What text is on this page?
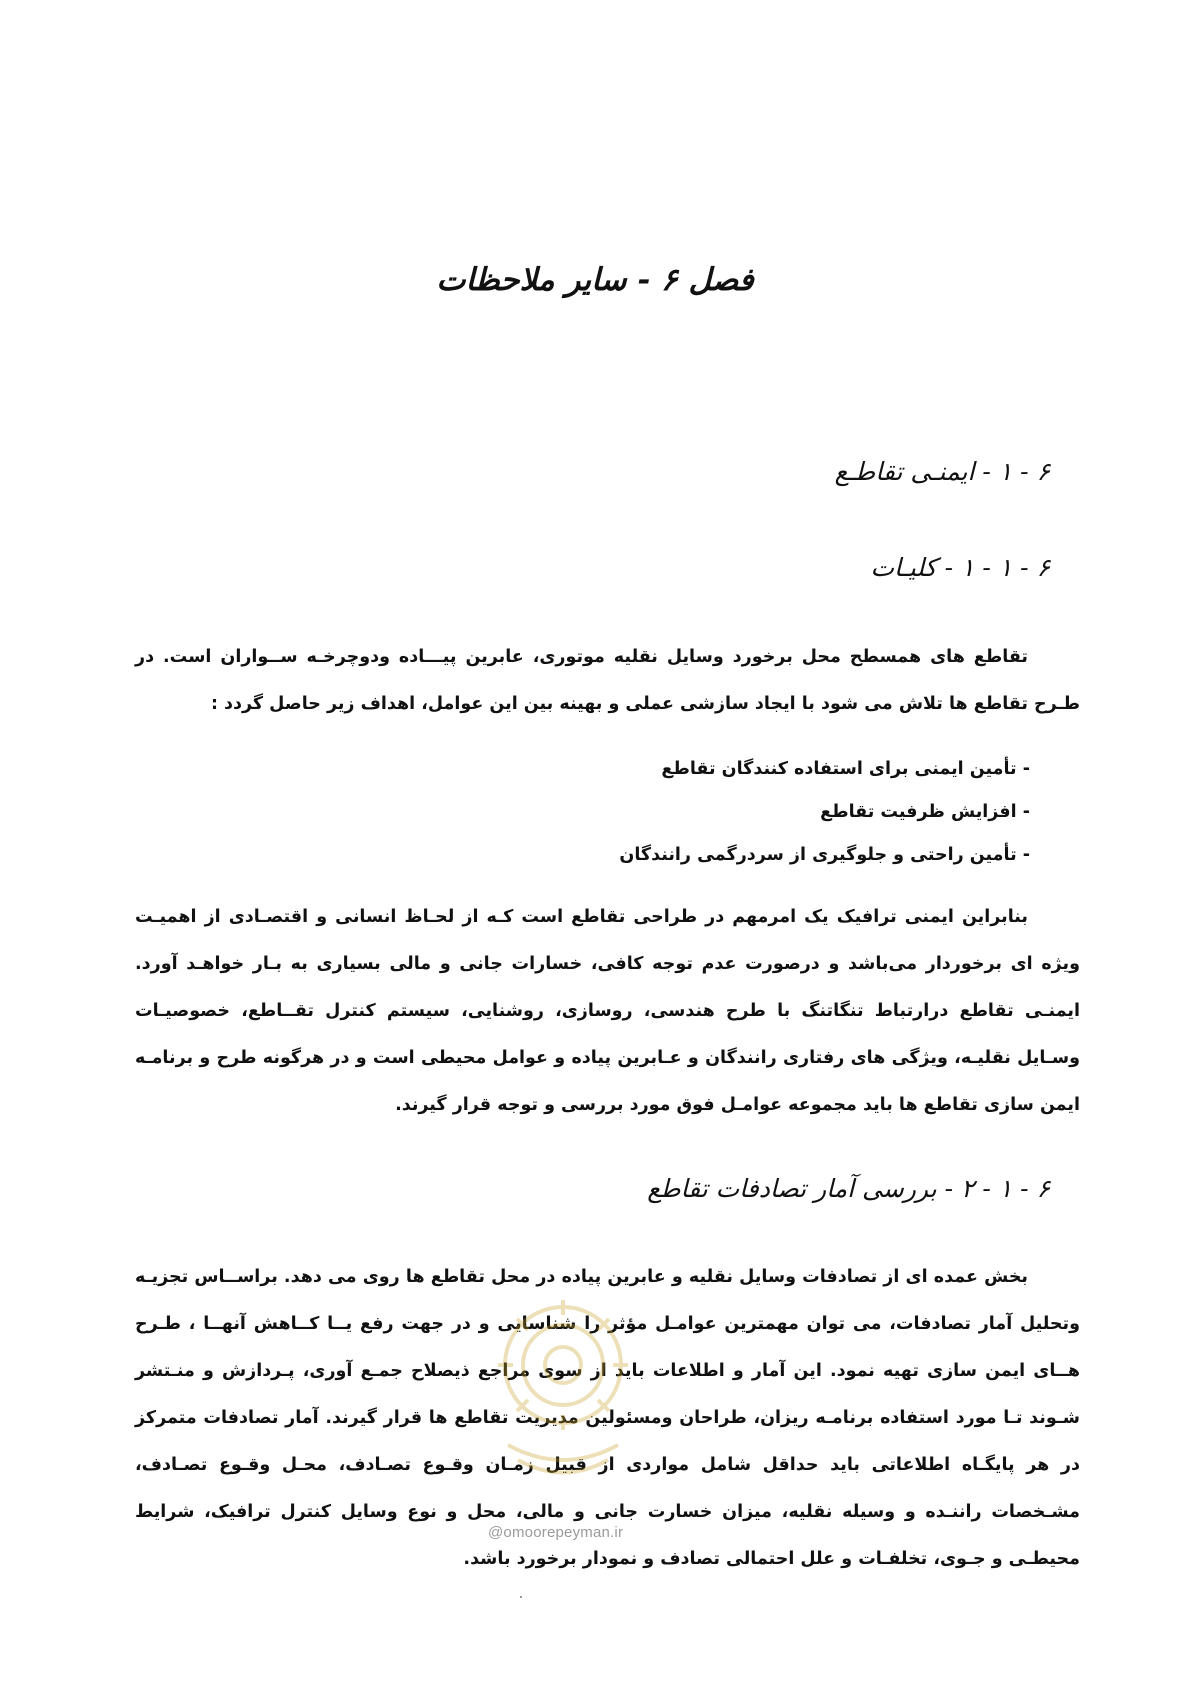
فصل ۶ - سایر ملاحظات
۶ - ۱ - ایمنـی تقاطـع
۶ - ۱ - ۱ - کلیـات

تقاطع های همسطح محل برخورد وسایل نقلیه موتوری، عابرین پیـــاده ودوچرخـه ســواران است. در طـرح تقاطع ها تلاش می شود با ایجاد سازشی عملی و بهینه بین این عوامل، اهداف زیر حاصل گردد :

- تأمین ایمنی برای استفاده کنندگان تقاطع
- افزایش ظرفیت تقاطع
- تأمین راحتی و جلوگیری از سردرگمی رانندگان

بنابراین ایمنی ترافیک یک امرمهم در طراحی تقاطع است کـه از لحـاظ انسانی و اقتصـادی از اهمیـت ویژه ای برخوردار می‌باشد و درصورت عدم توجه کافی، خسارات جانی و مالی بسیاری به بـار خواهـد آورد. ایمنـی تقاطع درارتباط تنگاتنگ با طرح هندسی، روسازی، روشنایی، سیستم کنترل تقــاطع، خصوصیـات وسـایل نقلیـه، ویژگی های رفتاری رانندگان و عـابرین پیاده و عوامل محیطی است و در هرگونه طرح و برنامـه ایمن سازی تقاطع ها باید مجموعه عوامـل فوق مورد بررسی و توجه قرار گیرند.

۶ - ۱ - ۲ - بررسی آمار تصادفات تقاطع

بخش عمده ای از تصادفات وسایل نقلیه و عابرین پیاده در محل تقاطع ها روی می دهد. براســاس تجزیـه وتحلیل آمار تصادفات، می توان مهمترین عوامـل مؤثر را شناسایی و در جهت رفع یــا کــاهش آنهــا ، طـرح هــای ایمن سازی تهیه نمود. این آمار و اطلاعات باید از سوی مراجع ذیصلاح جمـع آوری، پـردازش و منـتشر شـوند تـا مورد استفاده برنامـه ریزان، طراحان ومسئولین مدیریت تقاطع ها قرار گیرند. آمار تصادفات متمرکز در هر پایگـاه اطلاعاتی باید حداقل شامل مواردی از قبیل زمـان وقـوع تصـادف، محـل وقـوع تصـادف، مشـخصات راننـده و وسیله نقلیه، میزان خسارت جانی و مالی، محل و نوع وسایل کنترل ترافیک، شرایط محیطـی و جـوی، تخلفـات و علل احتمالی تصادف و نمودار برخورد باشد.

@omoorepeyman.ir
